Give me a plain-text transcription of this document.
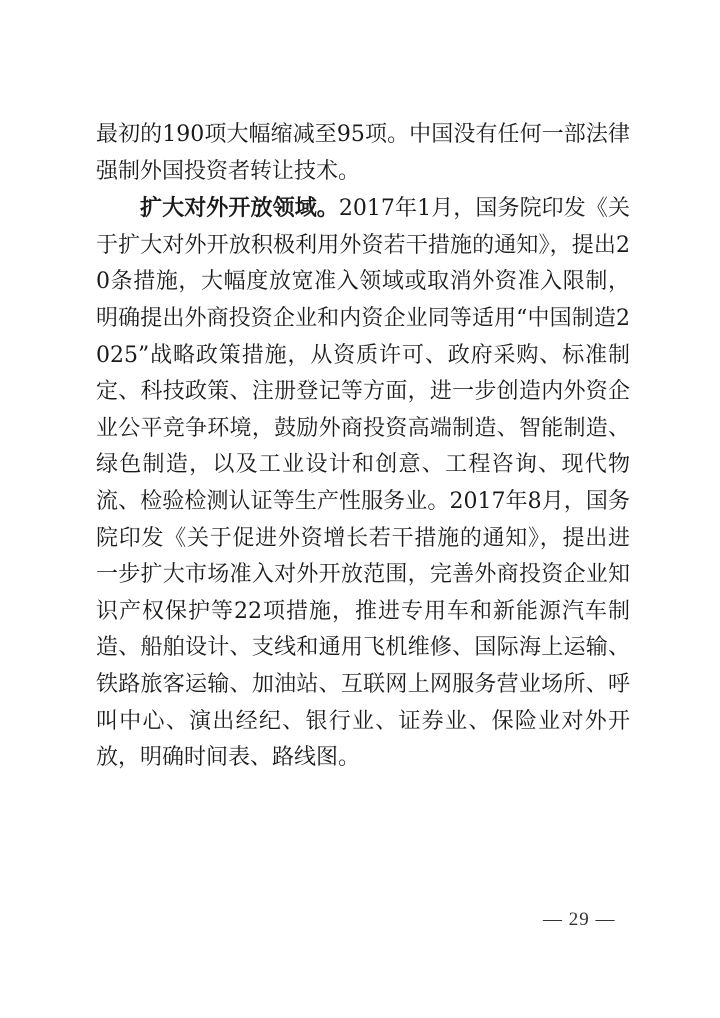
最初的190项大幅缩减至95项。中国没有任何一部法律强制外国投资者转让技术。

扩大对外开放领域。2017年1月，国务院印发《关于扩大对外开放积极利用外资若干措施的通知》，提出20条措施，大幅度放宽准入领域或取消外资准入限制，明确提出外商投资企业和内资企业同等适用“中国制造2025”战略政策措施，从资质许可、政府采购、标准制定、科技政策、注册登记等方面，进一步创造内外资企业公平竞争环境，鼓励外商投资高端制造、智能制造、绿色制造，以及工业设计和创意、工程咨询、现代物流、检验检测认证等生产性服务业。2017年8月，国务院印发《关于促进外资增长若干措施的通知》，提出进一步扩大市场准入对外开放范围，完善外商投资企业知识产权保护等22项措施，推进专用车和新能源汽车制造、船舶设计、支线和通用飞机维修、国际海上运输、铁路旅客运输、加油站、互联网上网服务营业场所、呼叫中心、演出经纪、银行业、证券业、保险业对外开放，明确时间表、路线图。

— 29 —
